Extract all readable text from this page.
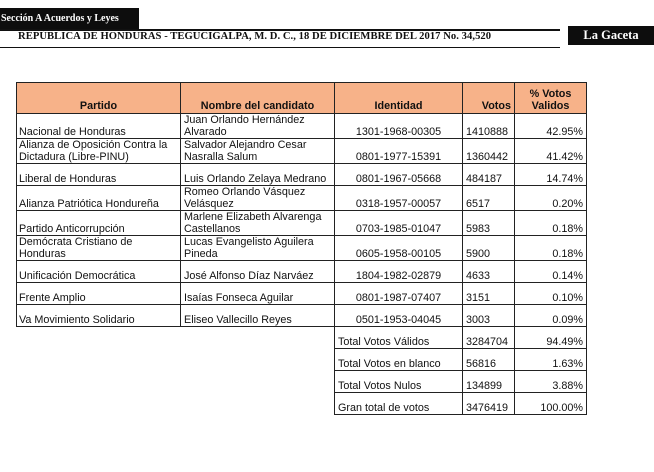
Sección A Acuerdos y Leyes
REPÚBLICA DE HONDURAS - TEGUCIGALPA, M. D. C., 18 DE DICIEMBRE DEL 2017 No. 34,520	La Gaceta
Partido	Nombre del candidato	Identidad	Votos	% Votos Validos
Nacional de Honduras	Juan Orlando Hernández Alvarado	1301-1968-00305	1410888	42.95%
Alianza de Oposición Contra la Dictadura (Libre-PINU)	Salvador Alejandro Cesar Nasralla Salum	0801-1977-15391	1360442	41.42%
Liberal de Honduras	Luis Orlando Zelaya Medrano	0801-1967-05668	484187	14.74%
Alianza Patriótica Hondureña	Romeo Orlando Vásquez Velásquez	0318-1957-00057	6517	0.20%
Partido Anticorrupción	Marlene Elizabeth Alvarenga Castellanos	0703-1985-01047	5983	0.18%
Demócrata Cristiano de Honduras	Lucas Evangelisto Aguilera Pineda	0605-1958-00105	5900	0.18%
Unificación Democrática	José Alfonso Díaz Narváez	1804-1982-02879	4633	0.14%
Frente Amplio	Isaías Fonseca Aguilar	0801-1987-07407	3151	0.10%
Va Movimiento Solidario	Eliseo Vallecillo Reyes	0501-1953-04045	3003	0.09%
		Total Votos Válidos	3284704	94.49%
		Total Votos en blanco	56816	1.63%
		Total Votos Nulos	134899	3.88%
		Gran total de votos	3476419	100.00%
